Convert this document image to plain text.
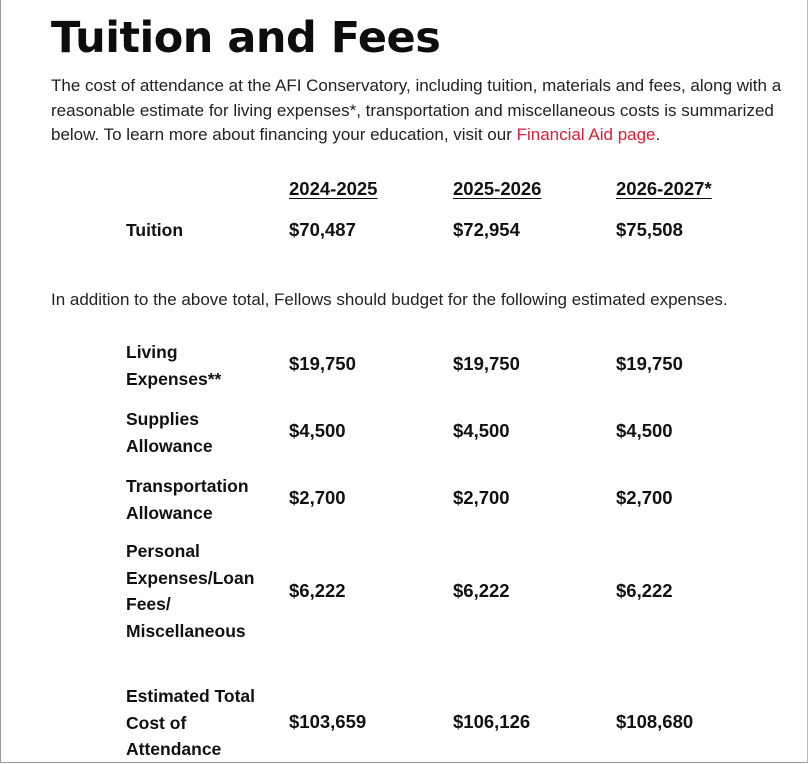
Tuition and Fees

The cost of attendance at the AFI Conservatory, including tuition, materials and fees, along with a
reasonable estimate for living expenses*, transportation and miscellaneous costs is summarized
below. To learn more about financing your education, visit our Financial Aid page.

2024-2025	2025-2026	2026-2027*
Tuition	$70,487	$72,954	$75,508

In addition to the above total, Fellows should budget for the following estimated expenses.

Living
Expenses**
$19,750	$19,750	$19,750
Supplies
Allowance
$4,500	$4,500	$4,500
Transportation
Allowance
$2,700	$2,700	$2,700
Personal
Expenses/Loan
Fees/
Miscellaneous
$6,222	$6,222	$6,222
Estimated Total
Cost of
Attendance
$103,659	$106,126	$108,680
